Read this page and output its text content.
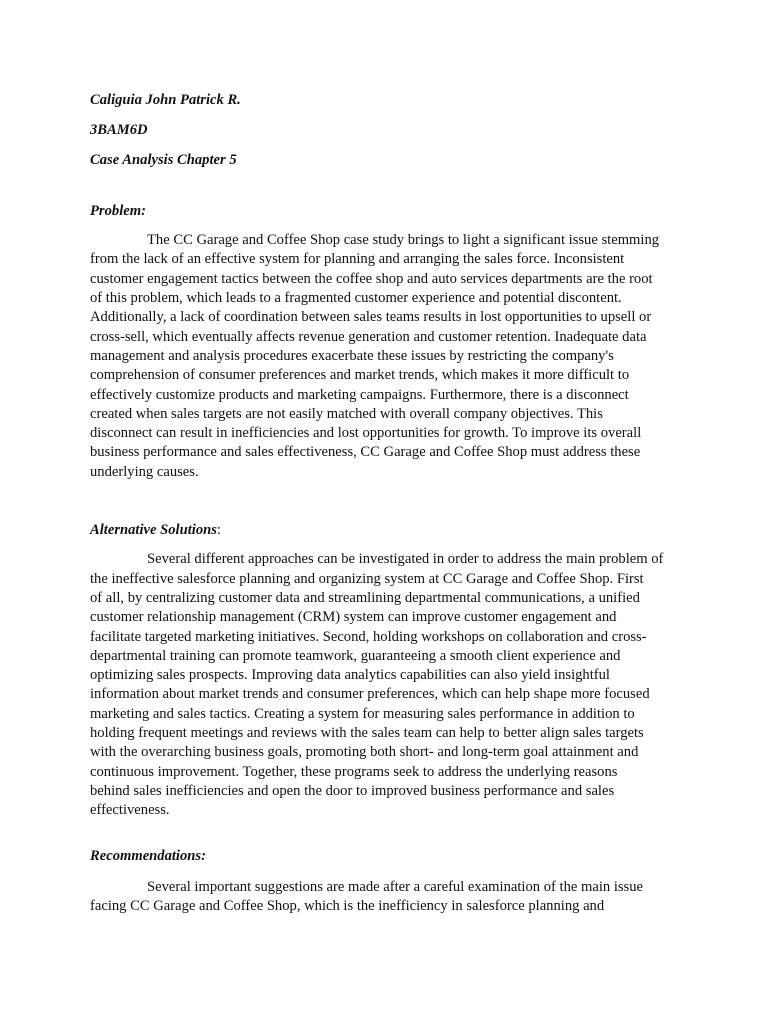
Caliguia John Patrick R.

3BAM6D

Case Analysis Chapter 5

Problem:

The CC Garage and Coffee Shop case study brings to light a significant issue stemming
from the lack of an effective system for planning and arranging the sales force. Inconsistent
customer engagement tactics between the coffee shop and auto services departments are the root
of this problem, which leads to a fragmented customer experience and potential discontent.
Additionally, a lack of coordination between sales teams results in lost opportunities to upsell or
cross-sell, which eventually affects revenue generation and customer retention. Inadequate data
management and analysis procedures exacerbate these issues by restricting the company's
comprehension of consumer preferences and market trends, which makes it more difficult to
effectively customize products and marketing campaigns. Furthermore, there is a disconnect
created when sales targets are not easily matched with overall company objectives. This
disconnect can result in inefficiencies and lost opportunities for growth. To improve its overall
business performance and sales effectiveness, CC Garage and Coffee Shop must address these
underlying causes.

Alternative Solutions:

Several different approaches can be investigated in order to address the main problem of
the ineffective salesforce planning and organizing system at CC Garage and Coffee Shop. First
of all, by centralizing customer data and streamlining departmental communications, a unified
customer relationship management (CRM) system can improve customer engagement and
facilitate targeted marketing initiatives. Second, holding workshops on collaboration and cross-
departmental training can promote teamwork, guaranteeing a smooth client experience and
optimizing sales prospects. Improving data analytics capabilities can also yield insightful
information about market trends and consumer preferences, which can help shape more focused
marketing and sales tactics. Creating a system for measuring sales performance in addition to
holding frequent meetings and reviews with the sales team can help to better align sales targets
with the overarching business goals, promoting both short- and long-term goal attainment and
continuous improvement. Together, these programs seek to address the underlying reasons
behind sales inefficiencies and open the door to improved business performance and sales
effectiveness.

Recommendations:

Several important suggestions are made after a careful examination of the main issue
facing CC Garage and Coffee Shop, which is the inefficiency in salesforce planning and
